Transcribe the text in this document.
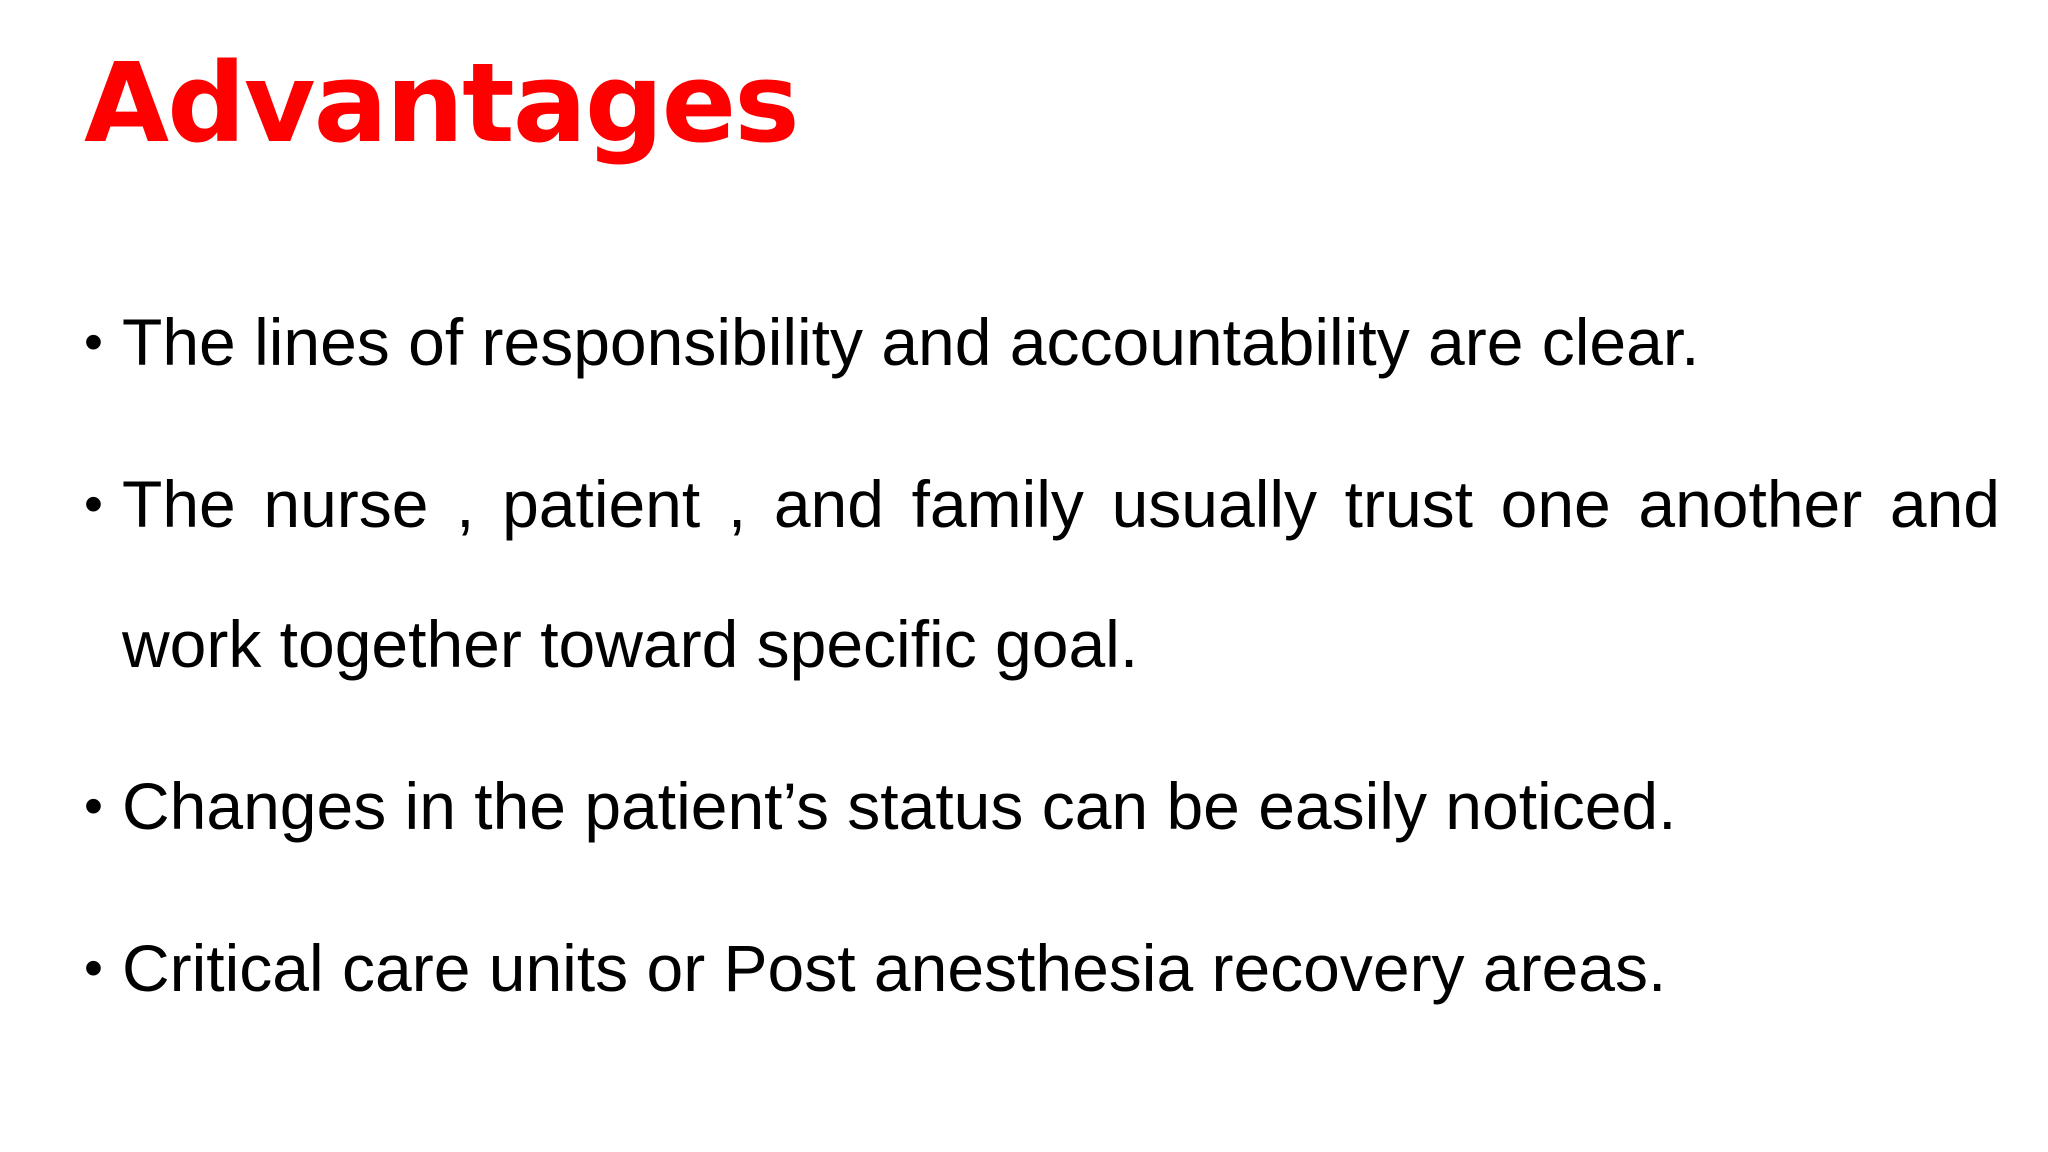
Advantages
• The lines of responsibility and accountability are clear.
• The nurse , patient , and family usually trust one another and work together toward specific goal.
• Changes in the patient’s status can be easily noticed.
• Critical care units or Post anesthesia recovery areas.
